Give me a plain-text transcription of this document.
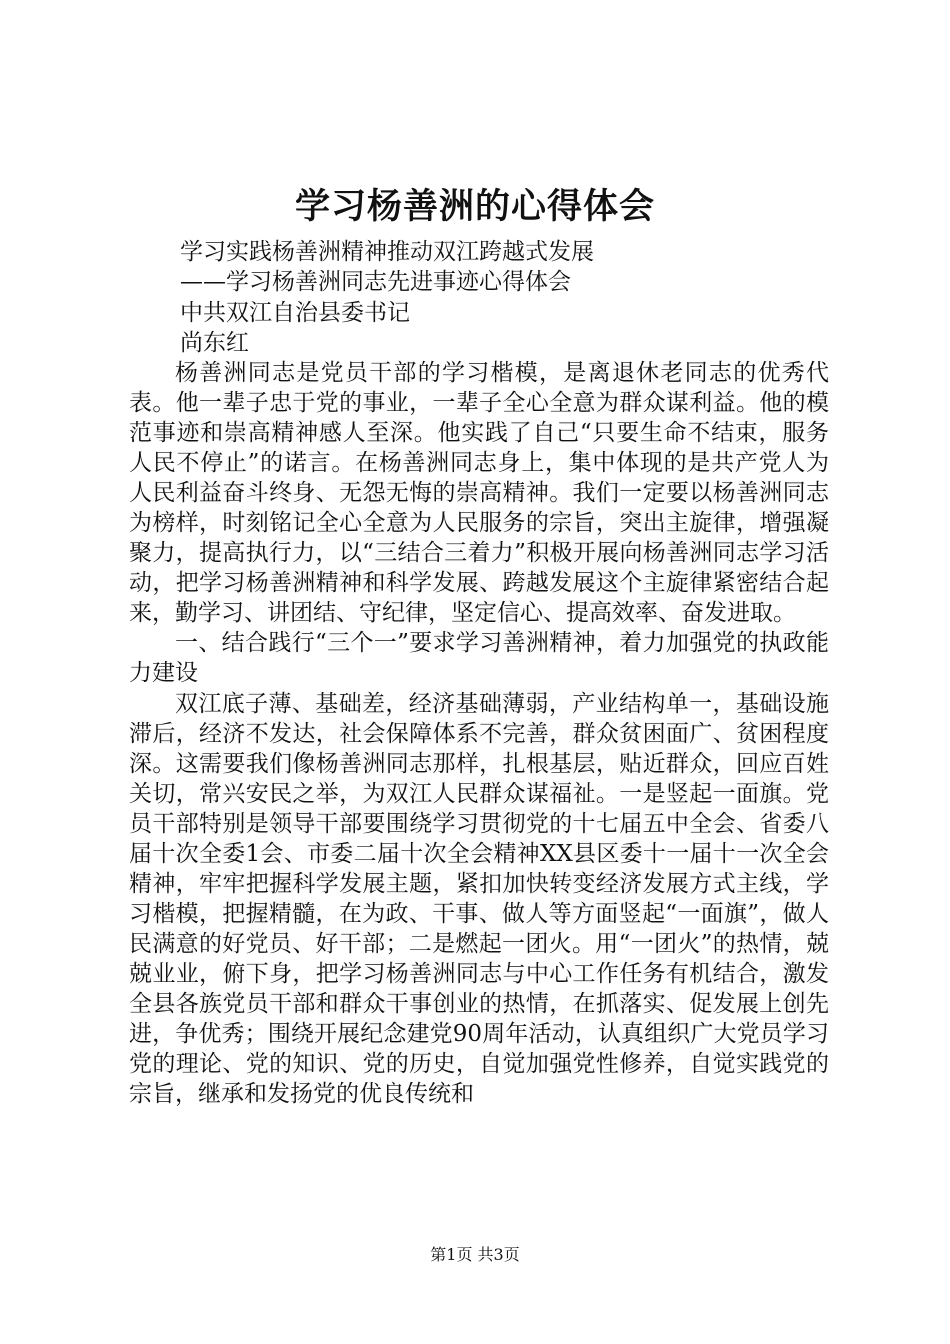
学习杨善洲的心得体会
学习实践杨善洲精神推动双江跨越式发展
——学习杨善洲同志先进事迹心得体会
中共双江自治县委书记
尚东红

杨善洲同志是党员干部的学习楷模，是离退休老同志的优秀代表。他一辈子忠于党的事业，一辈子全心全意为群众谋利益。他的模范事迹和崇高精神感人至深。他实践了自己“只要生命不结束，服务人民不停止”的诺言。在杨善洲同志身上，集中体现的是共产党人为人民利益奋斗终身、无怨无悔的崇高精神。我们一定要以杨善洲同志为榜样，时刻铭记全心全意为人民服务的宗旨，突出主旋律，增强凝聚力，提高执行力，以“三结合三着力”积极开展向杨善洲同志学习活动，把学习杨善洲精神和科学发展、跨越发展这个主旋律紧密结合起来，勤学习、讲团结、守纪律，坚定信心、提高效率、奋发进取。

一、结合践行“三个一”要求学习善洲精神，着力加强党的执政能力建设

双江底子薄、基础差，经济基础薄弱，产业结构单一，基础设施滞后，经济不发达，社会保障体系不完善，群众贫困面广、贫困程度深。这需要我们像杨善洲同志那样，扎根基层，贴近群众，回应百姓关切，常兴安民之举，为双江人民群众谋福祉。一是竖起一面旗。党员干部特别是领导干部要围绕学习贯彻党的十七届五中全会、省委八届十次全委1会、市委二届十次全会精神XX县区委十一届十一次全会精神，牢牢把握科学发展主题，紧扣加快转变经济发展方式主线，学习楷模，把握精髓，在为政、干事、做人等方面竖起“一面旗”，做人民满意的好党员、好干部；二是燃起一团火。用“一团火”的热情，兢兢业业，俯下身，把学习杨善洲同志与中心工作任务有机结合，激发全县各族党员干部和群众干事创业的热情，在抓落实、促发展上创先进，争优秀；围绕开展纪念建党90周年活动，认真组织广大党员学习党的理论、党的知识、党的历史，自觉加强党性修养，自觉实践党的宗旨，继承和发扬党的优良传统和

第1页 共3页
